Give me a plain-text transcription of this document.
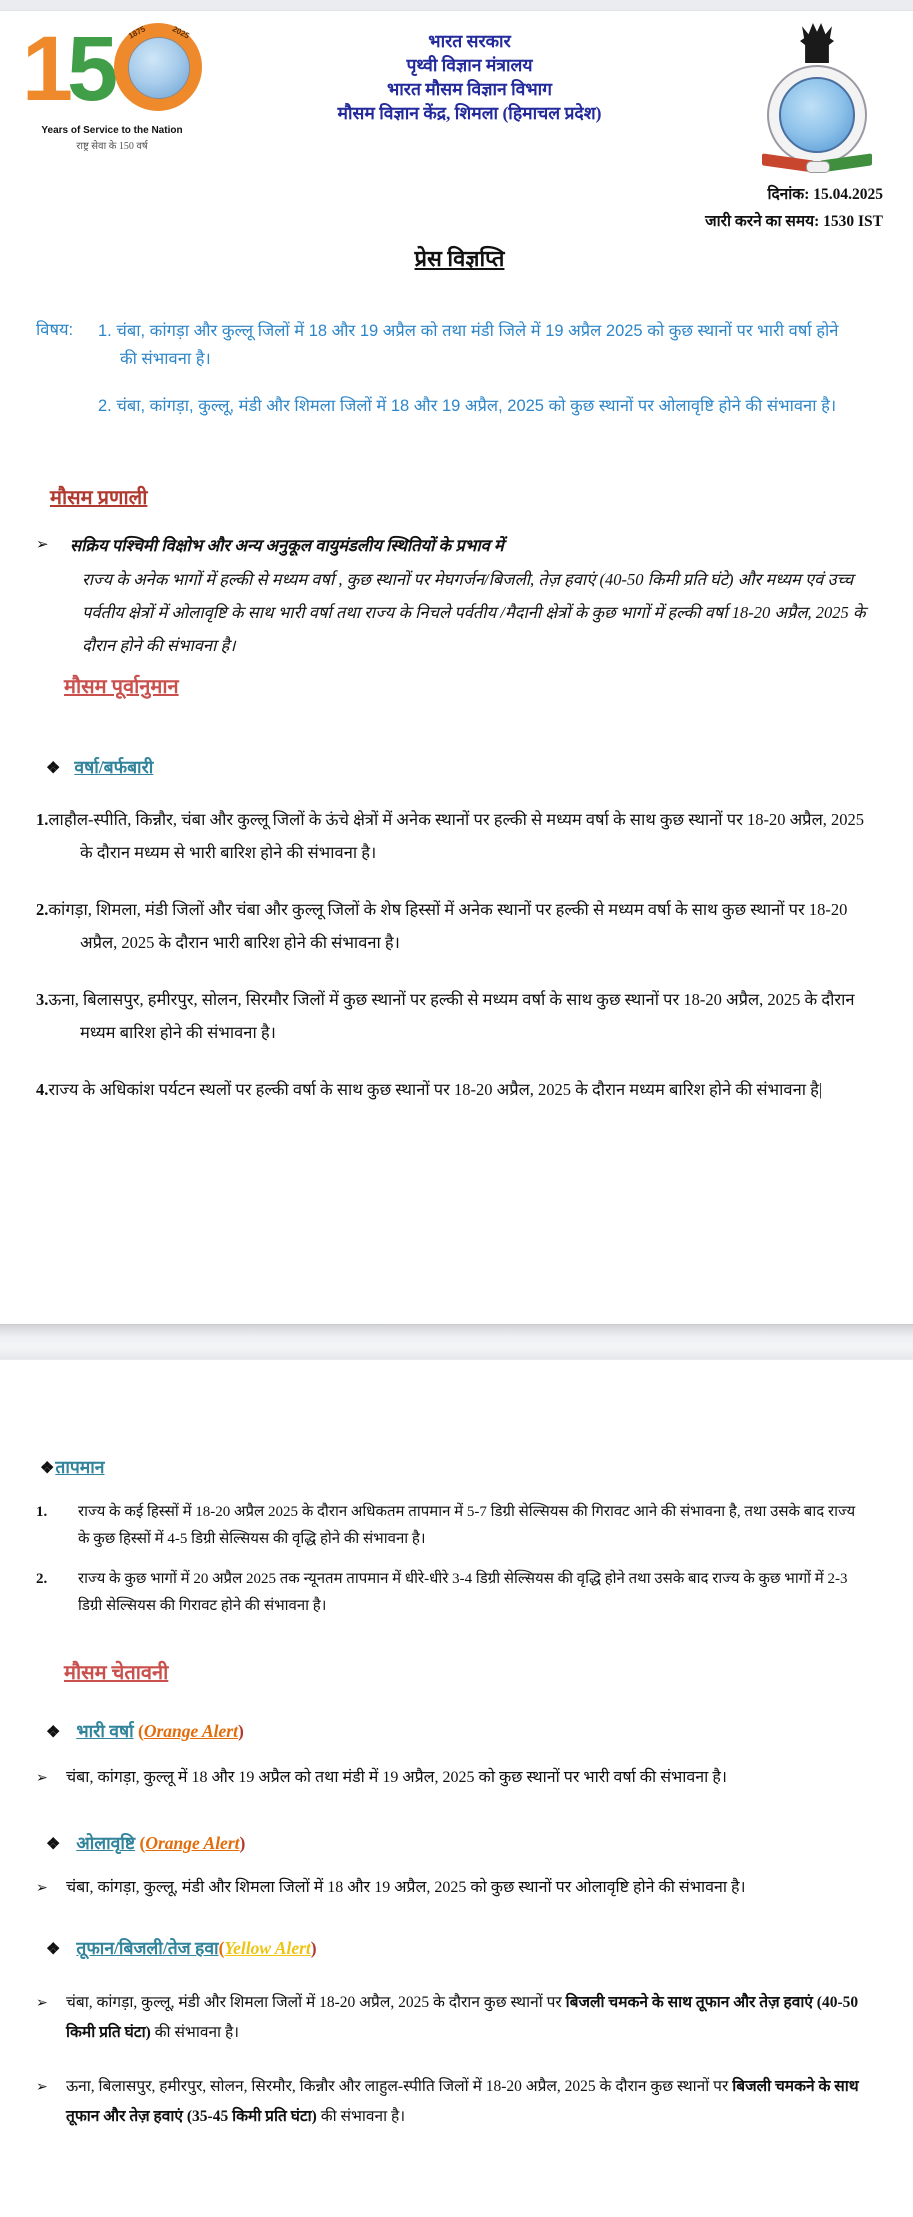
1 5 1875	2025
Years of Service to the Nation
राष्ट्र सेवा के 150 वर्ष
भारत सरकार
पृथ्वी विज्ञान मंत्रालय
भारत मौसम विज्ञान विभाग
मौसम विज्ञान केंद्र, शिमला (हिमाचल प्रदेश)
दिनांक: 15.04.2025
जारी करने का समय: 1530 IST
प्रेस विज्ञप्ति
विषय:	1. चंबा, कांगड़ा और कुल्लू जिलों में 18 और 19 अप्रैल को तथा मंडी जिले में 19 अप्रैल 2025 को कुछ स्थानों पर भारी वर्षा होने की संभावना है।
2. चंबा, कांगड़ा, कुल्लू, मंडी और शिमला जिलों में 18 और 19 अप्रैल, 2025 को कुछ स्थानों पर ओलावृष्टि होने की संभावना है।
मौसम प्रणाली
➢	सक्रिय पश्चिमी विक्षोभ और अन्य अनुकूल वायुमंडलीय स्थितियों के प्रभाव में
राज्य के अनेक भागों में हल्की से मध्यम वर्षा , कुछ स्थानों पर मेघगर्जन/बिजली, तेज़ हवाएं (40-50 किमी प्रति घंटे) और मध्यम एवं उच्च पर्वतीय क्षेत्रों में ओलावृष्टि के साथ भारी वर्षा तथा राज्य के निचले पर्वतीय /मैदानी क्षेत्रों के कुछ भागों में हल्की वर्षा 18-20 अप्रैल, 2025 के दौरान होने की संभावना है।
मौसम पूर्वानुमान
❖ वर्षा/बर्फबारी
1.लाहौल-स्पीति, किन्नौर, चंबा और कुल्लू जिलों के ऊंचे क्षेत्रों में अनेक स्थानों पर हल्की से मध्यम वर्षा के साथ कुछ स्थानों पर 18-20 अप्रैल, 2025 के दौरान मध्यम से भारी बारिश होने की संभावना है।
2.कांगड़ा, शिमला, मंडी जिलों और चंबा और कुल्लू जिलों के शेष हिस्सों में अनेक स्थानों पर हल्की से मध्यम वर्षा के साथ कुछ स्थानों पर 18-20 अप्रैल, 2025 के दौरान भारी बारिश होने की संभावना है।
3.ऊना, बिलासपुर, हमीरपुर, सोलन, सिरमौर जिलों में कुछ स्थानों पर हल्की से मध्यम वर्षा के साथ कुछ स्थानों पर 18-20 अप्रैल, 2025 के दौरान मध्यम बारिश होने की संभावना है।
4.राज्य के अधिकांश पर्यटन स्थलों पर हल्की वर्षा के साथ कुछ स्थानों पर 18-20 अप्रैल, 2025 के दौरान मध्यम बारिश होने की संभावना है|
❖तापमान
1.	राज्य के कई हिस्सों में 18-20 अप्रैल 2025 के दौरान अधिकतम तापमान में 5-7 डिग्री सेल्सियस की गिरावट आने की संभावना है, तथा उसके बाद राज्य के कुछ हिस्सों में 4-5 डिग्री सेल्सियस की वृद्धि होने की संभावना है।
2.	राज्य के कुछ भागों में 20 अप्रैल 2025 तक न्यूनतम तापमान में धीरे-धीरे 3-4 डिग्री सेल्सियस की वृद्धि होने तथा उसके बाद राज्य के कुछ भागों में 2-3 डिग्री सेल्सियस की गिरावट होने की संभावना है।
मौसम चेतावनी
❖ भारी वर्षा (Orange Alert)
➢	चंबा, कांगड़ा, कुल्लू में 18 और 19 अप्रैल को तथा मंडी में 19 अप्रैल, 2025 को कुछ स्थानों पर भारी वर्षा की संभावना है।
❖ ओलावृष्टि (Orange Alert)
➢	चंबा, कांगड़ा, कुल्लू, मंडी और शिमला जिलों में 18 और 19 अप्रैल, 2025 को कुछ स्थानों पर ओलावृष्टि होने की संभावना है।
❖ तूफान/बिजली/तेज हवा(Yellow Alert)
➢	चंबा, कांगड़ा, कुल्लू, मंडी और शिमला जिलों में 18-20 अप्रैल, 2025 के दौरान कुछ स्थानों पर बिजली चमकने के साथ तूफान और तेज़ हवाएं (40-50 किमी प्रति घंटा) की संभावना है।
➢	ऊना, बिलासपुर, हमीरपुर, सोलन, सिरमौर, किन्नौर और लाहुल-स्पीति जिलों में 18-20 अप्रैल, 2025 के दौरान कुछ स्थानों पर बिजली चमकने के साथ तूफान और तेज़ हवाएं (35-45 किमी प्रति घंटा) की संभावना है।
